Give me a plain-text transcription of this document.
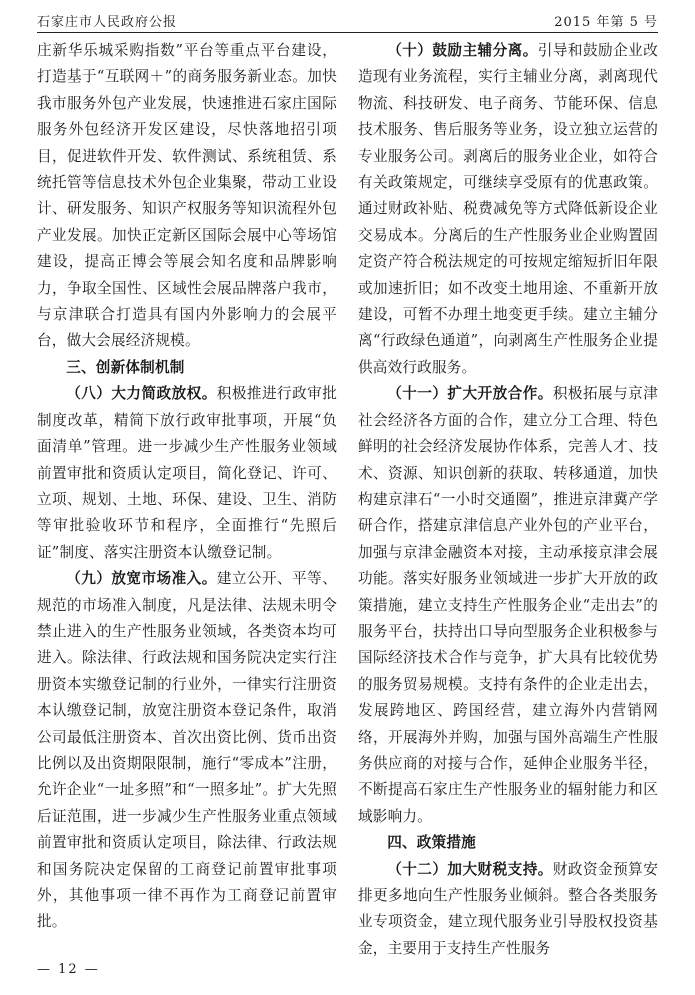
石家庄市人民政府公报	2015 年第 5 号

庄新华乐城采购指数”平台等重点平台建设，打造基于“互联网＋”的商务服务新业态。加快我市服务外包产业发展，快速推进石家庄国际服务外包经济开发区建设，尽快落地招引项目，促进软件开发、软件测试、系统租赁、系统托管等信息技术外包企业集聚，带动工业设计、研发服务、知识产权服务等知识流程外包产业发展。加快正定新区国际会展中心等场馆建设，提高正博会等展会知名度和品牌影响力，争取全国性、区域性会展品牌落户我市，与京津联合打造具有国内外影响力的会展平台，做大会展经济规模。

三、创新体制机制

（八）大力简政放权。积极推进行政审批制度改革，精简下放行政审批事项，开展“负面清单”管理。进一步减少生产性服务业领域前置审批和资质认定项目，简化登记、许可、立项、规划、土地、环保、建设、卫生、消防等审批验收环节和程序，全面推行“先照后证”制度、落实注册资本认缴登记制。

（九）放宽市场准入。建立公开、平等、规范的市场准入制度，凡是法律、法规未明令禁止进入的生产性服务业领域，各类资本均可进入。除法律、行政法规和国务院决定实行注册资本实缴登记制的行业外，一律实行注册资本认缴登记制，放宽注册资本登记条件，取消公司最低注册资本、首次出资比例、货币出资比例以及出资期限限制，施行“零成本”注册，允许企业“一址多照”和“一照多址”。扩大先照后证范围，进一步减少生产性服务业重点领域前置审批和资质认定项目，除法律、行政法规和国务院决定保留的工商登记前置审批事项外，其他事项一律不再作为工商登记前置审批。

（十）鼓励主辅分离。引导和鼓励企业改造现有业务流程，实行主辅业分离，剥离现代物流、科技研发、电子商务、节能环保、信息技术服务、售后服务等业务，设立独立运营的专业服务公司。剥离后的服务业企业，如符合有关政策规定，可继续享受原有的优惠政策。通过财政补贴、税费减免等方式降低新设企业交易成本。分离后的生产性服务业企业购置固定资产符合税法规定的可按规定缩短折旧年限或加速折旧；如不改变土地用途、不重新开放建设，可暂不办理土地变更手续。建立主辅分离“行政绿色通道”，向剥离生产性服务企业提供高效行政服务。

（十一）扩大开放合作。积极拓展与京津社会经济各方面的合作，建立分工合理、特色鲜明的社会经济发展协作体系，完善人才、技术、资源、知识创新的获取、转移通道，加快构建京津石“一小时交通圈”，推进京津冀产学研合作，搭建京津信息产业外包的产业平台，加强与京津金融资本对接，主动承接京津会展功能。落实好服务业领域进一步扩大开放的政策措施，建立支持生产性服务企业“走出去”的服务平台，扶持出口导向型服务企业积极参与国际经济技术合作与竞争，扩大具有比较优势的服务贸易规模。支持有条件的企业走出去，发展跨地区、跨国经营，建立海外内营销网络，开展海外并购，加强与国外高端生产性服务供应商的对接与合作，延伸企业服务半径，不断提高石家庄生产性服务业的辐射能力和区域影响力。

四、政策措施

（十二）加大财税支持。财政资金预算安排更多地向生产性服务业倾斜。整合各类服务业专项资金，建立现代服务业引导股权投资基金，主要用于支持生产性服务

— 12 —
